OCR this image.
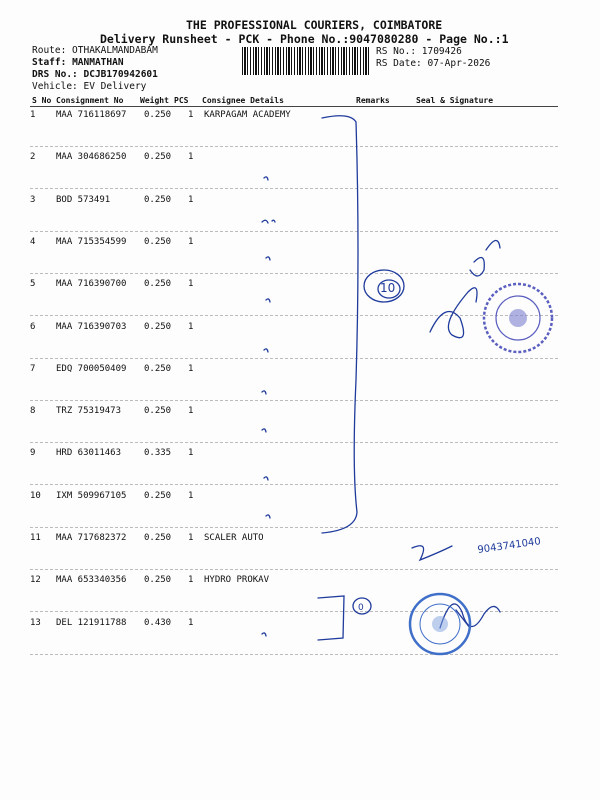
THE PROFESSIONAL COURIERS, COIMBATORE
Delivery Runsheet - PCK - Phone No.:9047080280 - Page No.:1
Route: OTHAKALMANDABAM
Staff: MANMATHAN
DRS No.: DCJB170942601
Vehicle: EV Delivery
RS No.: 1709426
RS Date: 07-Apr-2026
S No Consignment No Weight PCS Consignee Details	Remarks	Seal & Signature
1 MAA 716118697 0.250 1 KARPAGAM ACADEMY
2 MAA 304686250 0.250 1
3 BOD 573491	0.250 1
4 MAA 715354599 0.250 1
5 MAA 716390700 0.250 1
6 MAA 716390703 0.250 1
7 EDQ 700050409 0.250 1
8 TRZ 75319473	0.250 1
9 HRD 63011463	0.335 1
10 IXM 509967105 0.250 1
11 MAA 717682372 0.250 1 SCALER AUTO
12 MAA 653340356 0.250 1 HYDRO PROKAV
13 DEL 121911788 0.430 1
10
0
9043741040
